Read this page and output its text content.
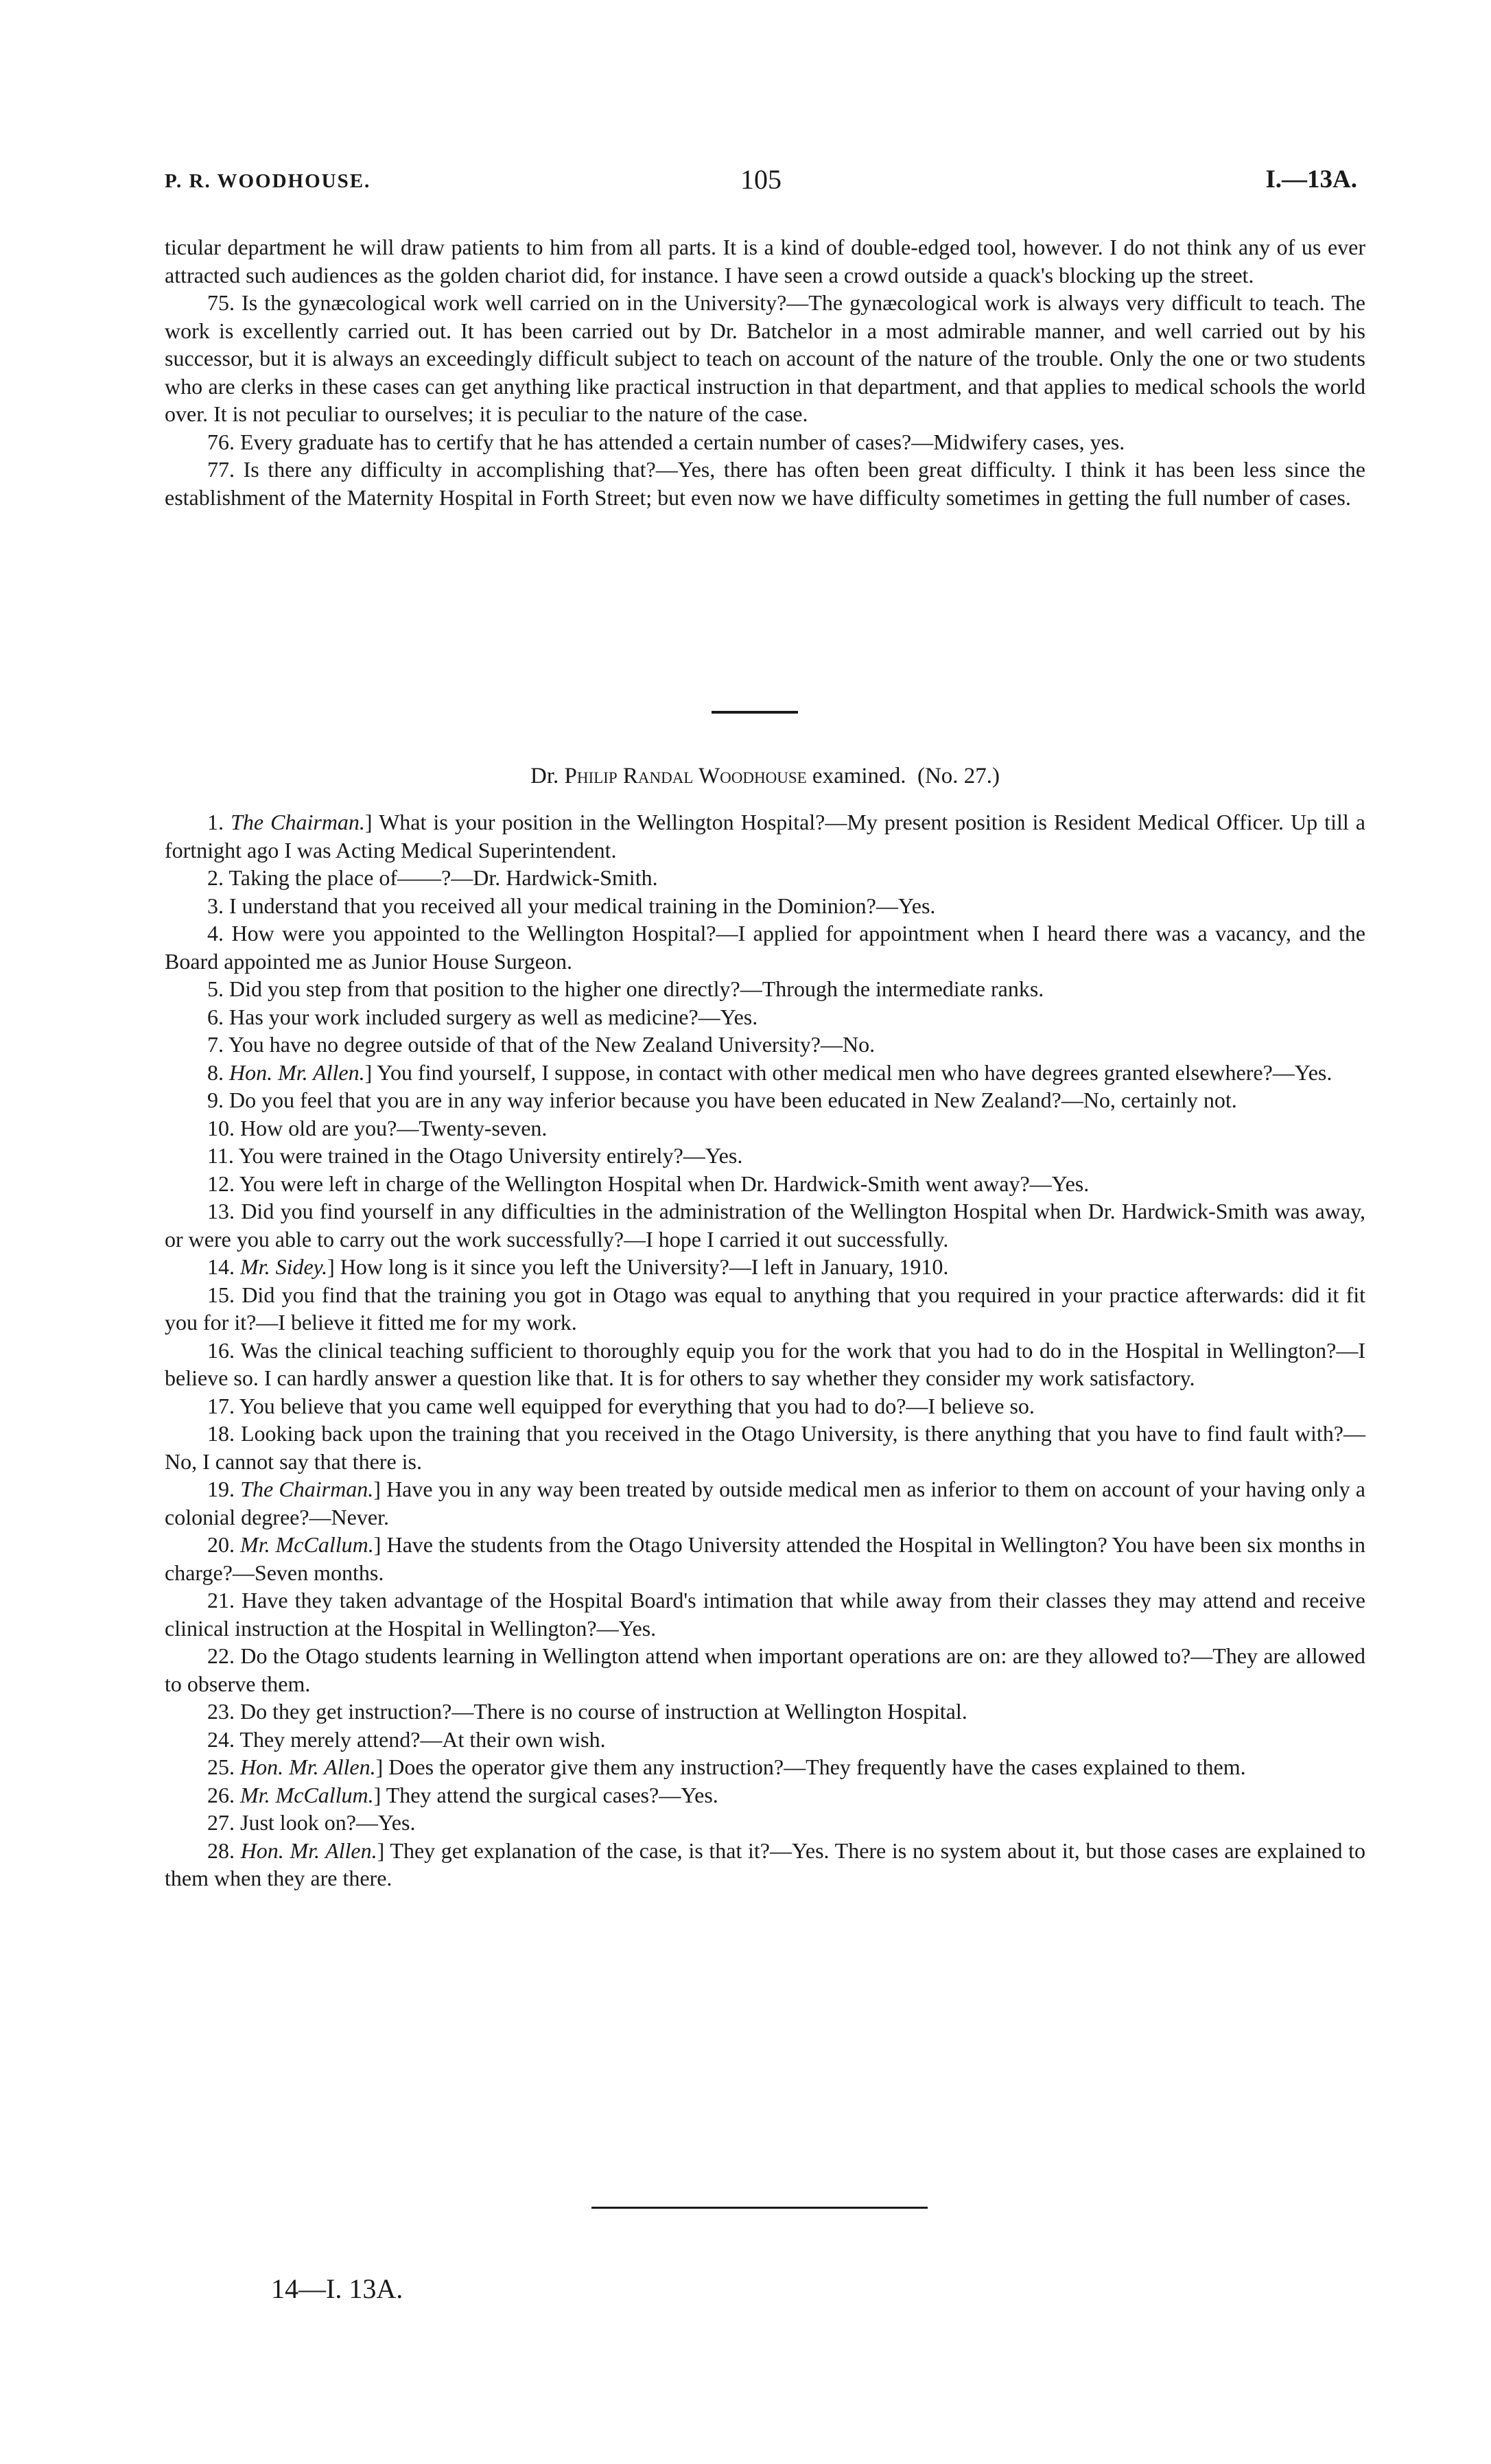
P. R. WOODHOUSE.	105	I.—13A.

ticular department he will draw patients to him from all parts. It is a kind of double-edged tool, however. I do not think any of us ever attracted such audiences as the golden chariot did, for instance. I have seen a crowd outside a quack's blocking up the street.

75. Is the gynæcological work well carried on in the University?—The gynæcological work is always very difficult to teach. The work is excellently carried out. It has been carried out by Dr. Batchelor in a most admirable manner, and well carried out by his successor, but it is always an exceedingly difficult subject to teach on account of the nature of the trouble. Only the one or two students who are clerks in these cases can get anything like practical instruction in that department, and that applies to medical schools the world over. It is not peculiar to ourselves; it is peculiar to the nature of the case.

76. Every graduate has to certify that he has attended a certain number of cases?—Midwifery cases, yes.

77. Is there any difficulty in accomplishing that?—Yes, there has often been great difficulty. I think it has been less since the establishment of the Maternity Hospital in Forth Street; but even now we have difficulty sometimes in getting the full number of cases.

Dr. Philip Randal Woodhouse examined. (No. 27.)

1. The Chairman.] What is your position in the Wellington Hospital?—My present position is Resident Medical Officer. Up till a fortnight ago I was Acting Medical Superintendent.

2. Taking the place of——?—Dr. Hardwick-Smith.

3. I understand that you received all your medical training in the Dominion?—Yes.

4. How were you appointed to the Wellington Hospital?—I applied for appointment when I heard there was a vacancy, and the Board appointed me as Junior House Surgeon.

5. Did you step from that position to the higher one directly?—Through the intermediate ranks.

6. Has your work included surgery as well as medicine?—Yes.

7. You have no degree outside of that of the New Zealand University?—No.

8. Hon. Mr. Allen.] You find yourself, I suppose, in contact with other medical men who have degrees granted elsewhere?—Yes.

9. Do you feel that you are in any way inferior because you have been educated in New Zealand?—No, certainly not.

10. How old are you?—Twenty-seven.

11. You were trained in the Otago University entirely?—Yes.

12. You were left in charge of the Wellington Hospital when Dr. Hardwick-Smith went away?—Yes.

13. Did you find yourself in any difficulties in the administration of the Wellington Hospital when Dr. Hardwick-Smith was away, or were you able to carry out the work successfully?—I hope I carried it out successfully.

14. Mr. Sidey.] How long is it since you left the University?—I left in January, 1910.

15. Did you find that the training you got in Otago was equal to anything that you required in your practice afterwards: did it fit you for it?—I believe it fitted me for my work.

16. Was the clinical teaching sufficient to thoroughly equip you for the work that you had to do in the Hospital in Wellington?—I believe so. I can hardly answer a question like that. It is for others to say whether they consider my work satisfactory.

17. You believe that you came well equipped for everything that you had to do?—I believe so.

18. Looking back upon the training that you received in the Otago University, is there anything that you have to find fault with?—No, I cannot say that there is.

19. The Chairman.] Have you in any way been treated by outside medical men as inferior to them on account of your having only a colonial degree?—Never.

20. Mr. McCallum.] Have the students from the Otago University attended the Hospital in Wellington? You have been six months in charge?—Seven months.

21. Have they taken advantage of the Hospital Board's intimation that while away from their classes they may attend and receive clinical instruction at the Hospital in Wellington?—Yes.

22. Do the Otago students learning in Wellington attend when important operations are on: are they allowed to?—They are allowed to observe them.

23. Do they get instruction?—There is no course of instruction at Wellington Hospital.

24. They merely attend?—At their own wish.

25. Hon. Mr. Allen.] Does the operator give them any instruction?—They frequently have the cases explained to them.

26. Mr. McCallum.] They attend the surgical cases?—Yes.

27. Just look on?—Yes.

28. Hon. Mr. Allen.] They get explanation of the case, is that it?—Yes. There is no system about it, but those cases are explained to them when they are there.

14—I. 13A.
